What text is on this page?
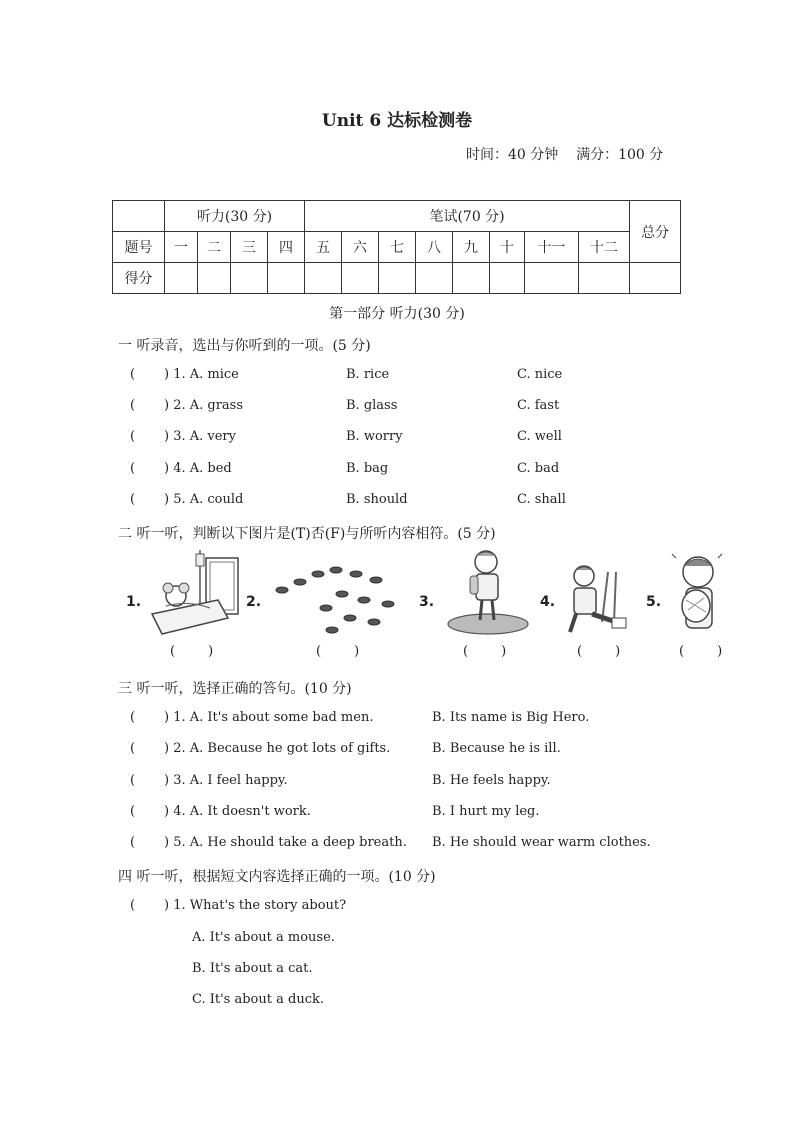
Unit 6 达标检测卷
时间：40 分钟    满分：100 分
	听力(30 分)				笔试(70 分)								总分
题号	一	二	三	四	五	六	七	八	九	十	十一	十二	
得分													
第一部分 听力(30 分)
一 听录音，选出与你听到的一项。(5 分)
(       ) 1. A. mice	B. rice	C. nice
(       ) 2. A. grass	B. glass	C. fast
(       ) 3. A. very	B. worry	C. well
(       ) 4. A. bed	B. bag	C. bad
(       ) 5. A. could	B. should	C. shall
二 听一听，判断以下图片是(T)否(F)与所听内容相符。(5 分)
1.	2.	3.	4.	5.
(        )	(        )	(        )	(        )	(        )
三 听一听，选择正确的答句。(10 分)
(       ) 1. A. It's about some bad men.	B. Its name is Big Hero.
(       ) 2. A. Because he got lots of gifts.	B. Because he is ill.
(       ) 3. A. I feel happy.	B. He feels happy.
(       ) 4. A. It doesn't work.	B. I hurt my leg.
(       ) 5. A. He should take a deep breath. B. He should wear warm clothes.
四 听一听，根据短文内容选择正确的一项。(10 分)
(       ) 1. What's the story about?
A. It's about a mouse.
B. It's about a cat.
C. It's about a duck.
